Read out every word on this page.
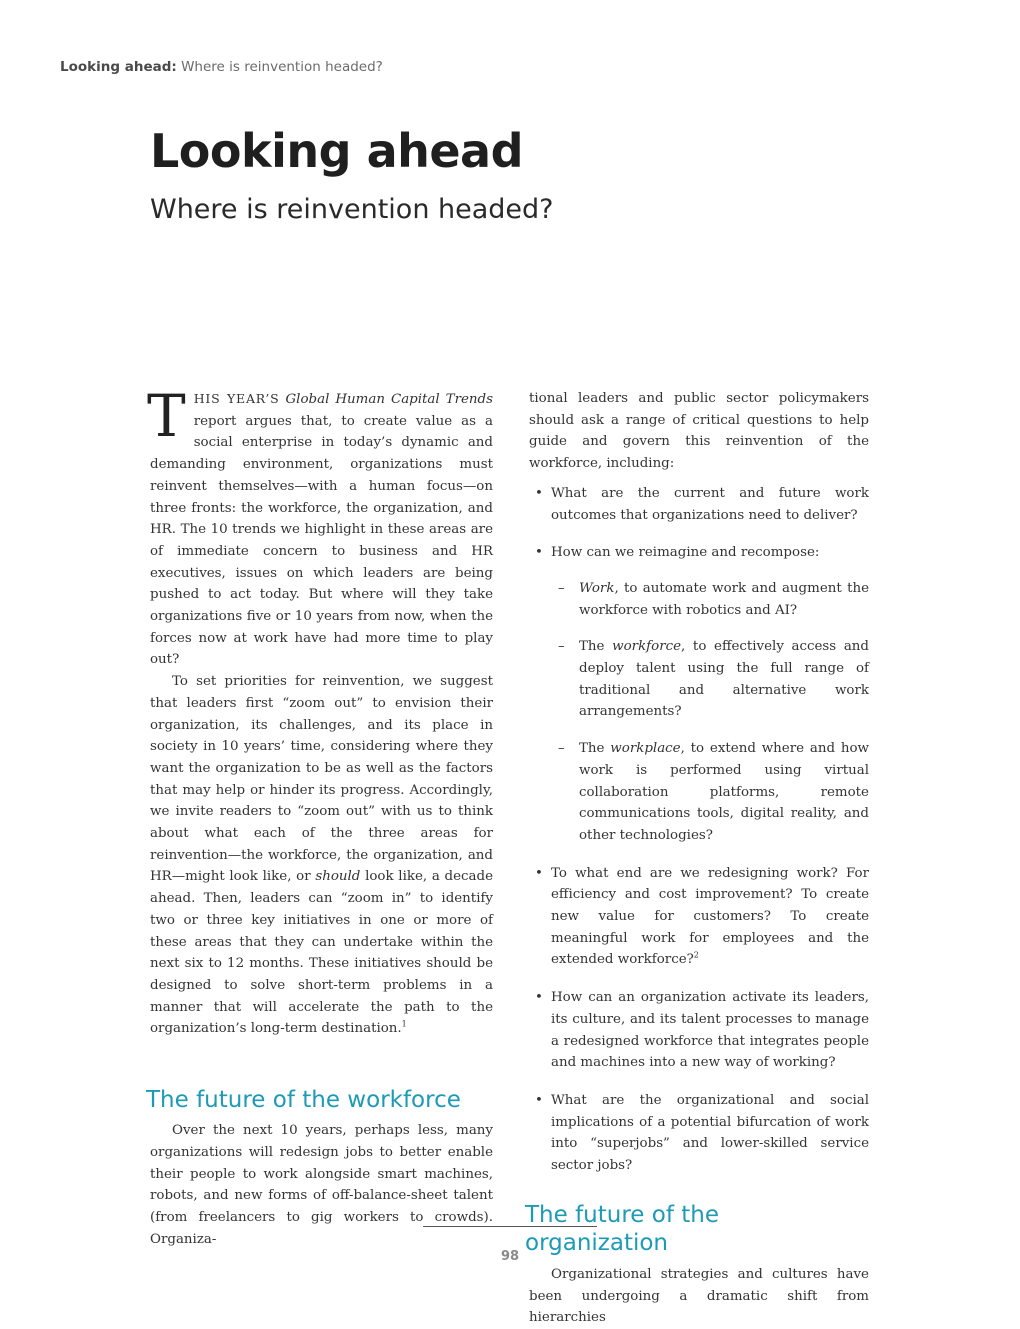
Looking ahead: Where is reinvention headed?
Looking ahead
Where is reinvention headed?

THIS YEAR’S Global Human Capital Trends report argues that, to create value as a social enterprise in today’s dynamic and demanding environment, organizations must reinvent themselves—with a human focus—on three fronts: the workforce, the organization, and HR. The 10 trends we highlight in these areas are of immediate concern to business and HR executives, issues on which leaders are being pushed to act today. But where will they take organizations five or 10 years from now, when the forces now at work have had more time to play out?

To set priorities for reinvention, we suggest that leaders first “zoom out” to envision their organization, its challenges, and its place in society in 10 years’ time, considering where they want the organization to be as well as the factors that may help or hinder its progress. Accordingly, we invite readers to “zoom out” with us to think about what each of the three areas for reinvention—the workforce, the organization, and HR—might look like, or should look like, a decade ahead. Then, leaders can “zoom in” to identify two or three key initiatives in one or more of these areas that they can undertake within the next six to 12 months. These initiatives should be designed to solve short-term problems in a manner that will accelerate the path to the organization’s long-term destination.$^1$

The future of the workforce

Over the next 10 years, perhaps less, many organizations will redesign jobs to better enable their people to work alongside smart machines, robots, and new forms of off-balance-sheet talent (from freelancers to gig workers to crowds). Organiza-

tional leaders and public sector policymakers should ask a range of critical questions to help guide and govern this reinvention of the workforce, including:

• What are the current and future work outcomes that organizations need to deliver?
• How can we reimagine and recompose:
– Work, to automate work and augment the workforce with robotics and AI?
– The workforce, to effectively access and deploy talent using the full range of traditional and alternative work arrangements?
– The workplace, to extend where and how work is performed using virtual collaboration platforms, remote communications tools, digital reality, and other technologies?
• To what end are we redesigning work? For efficiency and cost improvement? To create new value for customers? To create meaningful work for employees and the extended workforce?$^2$
• How can an organization activate its leaders, its culture, and its talent processes to manage a redesigned workforce that integrates people and machines into a new way of working?
• What are the organizational and social implications of a potential bifurcation of work into “superjobs” and lower-skilled service sector jobs?
The future of the organization

Organizational strategies and cultures have been undergoing a dramatic shift from hierarchies

98
